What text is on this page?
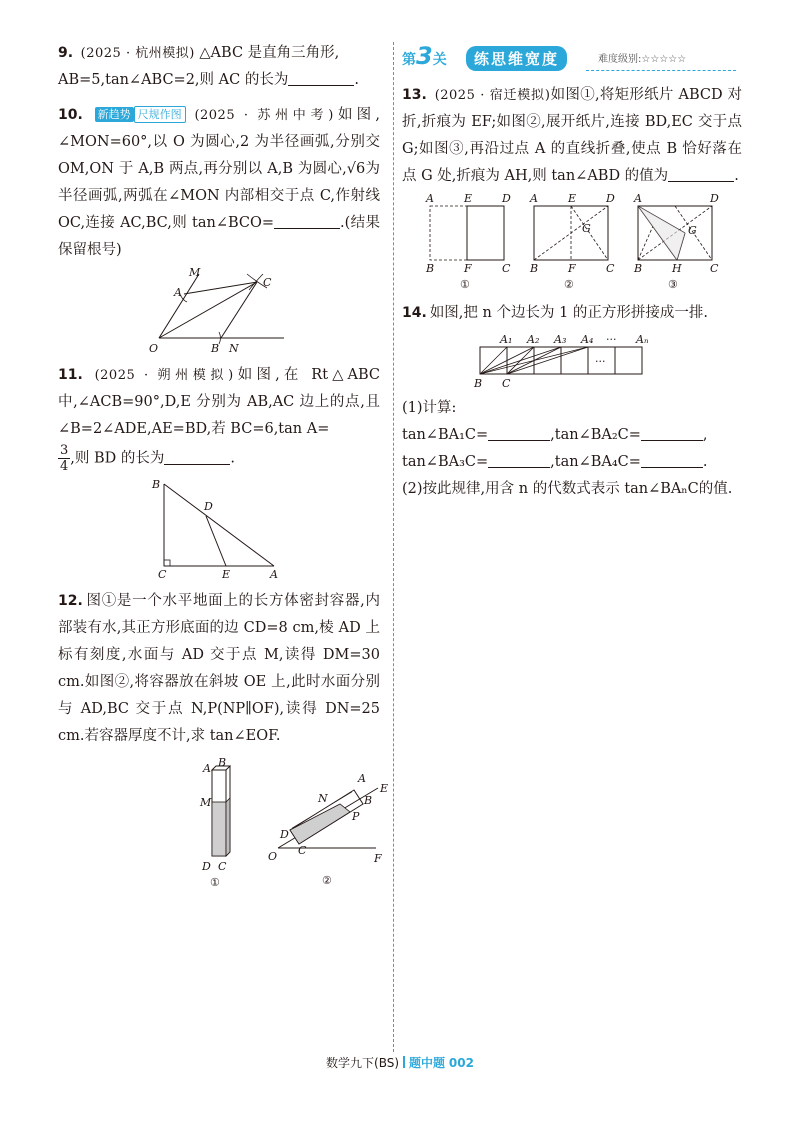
9. (2025 · 杭州模拟) △ABC 是直角三角形,
AB=5,tan∠ABC=2,则 AC 的长为	.

10. 新趋势 尺规作图 (2025 · 苏州中考)如图, ∠MON=60°,以 O 为圆心,2 为半径画弧,分别交 OM,ON 于 A,B 两点,再分别以 A,B 为圆心,√6为半径画弧,两弧在∠MON 内部相交于点 C,作射线 OC,连接 AC,BC,则 tan∠BCO=	.(结果保留根号)

M
A
C
O	B N

11. (2025 · 朔州模拟)如图,在 Rt△ABC 中,∠ACB=90°,D,E 分别为 AB,AC 边上的点,且∠B=2∠ADE,AE=BD,若 BC=6,tan A=

$\frac{3}{4}$ ,则 BD 的长为	.

B
D
C	E	A

12. 图①是一个水平地面上的长方体密封容器,内部装有水,其正方形底面的边 CD=8 cm,棱 AD 上标有刻度,水面与 AD 交于点 M,读得 DM=30 cm.如图②,将容器放在斜坡 OE 上,此时水面分别与 AD,BC 交于点 N,P(NP∥OF),读得 DN=25 cm.若容器厚度不计,求 tan∠EOF.

A B
M
D C
①
A
E
N	B
P
D
C
O	F
②
第3关	练思维宽度	难度级别:☆☆☆☆☆

13. (2025 · 宿迁模拟)如图①,将矩形纸片 ABCD 对折,折痕为 EF;如图②,展开纸片,连接 BD,EC 交于点 G;如图③,再沿过点 A 的直线折叠,使点 B 恰好落在点 G 处,折痕为 AH,则 tan∠ABD 的值为	.

A	E	D
B	F	C
①
A	E	D
G
B	F	C
②
A	D
G
B	H	C
③

14. 如图,把 n 个边长为 1 的正方形拼接成一排.

···
A₁ A₂ A₃ A₄ ··· Aₙ
B C

(1)计算:
tan∠BA₁C=	,tan∠BA₂C=	,
tan∠BA₃C=	,tan∠BA₄C=	.

(2)按此规律,用含 n 的代数式表示 tan∠BAₙC的值.

数学九下(BS) 题中题 002
